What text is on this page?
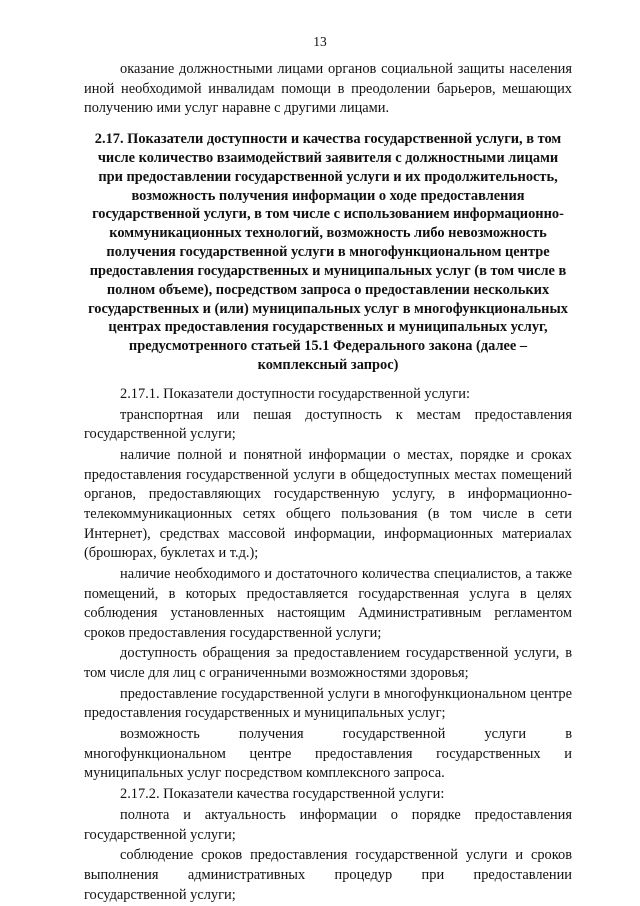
13

оказание должностными лицами органов социальной защиты населения иной необходимой инвалидам помощи в преодолении барьеров, мешающих получению ими услуг наравне с другими лицами.

2.17. Показатели доступности и качества государственной услуги, в том числе количество взаимодействий заявителя с должностными лицами при предоставлении государственной услуги и их продолжительность, возможность получения информации о ходе предоставления государственной услуги, в том числе с использованием информационно-коммуникационных технологий, возможность либо невозможность получения государственной услуги в многофункциональном центре предоставления государственных и муниципальных услуг (в том числе в полном объеме), посредством запроса о предоставлении нескольких государственных и (или) муниципальных услуг в многофункциональных центрах предоставления государственных и муниципальных услуг, предусмотренного статьей 15.1 Федерального закона (далее – комплексный запрос)

2.17.1. Показатели доступности государственной услуги:

транспортная или пешая доступность к местам предоставления государственной услуги;

наличие полной и понятной информации о местах, порядке и сроках предоставления государственной услуги в общедоступных местах помещений органов, предоставляющих государственную услугу, в информационно-телекоммуникационных сетях общего пользования (в том числе в сети Интернет), средствах массовой информации, информационных материалах (брошюрах, буклетах и т.д.);

наличие необходимого и достаточного количества специалистов, а также помещений, в которых предоставляется государственная услуга в целях соблюдения установленных настоящим Административным регламентом сроков предоставления государственной услуги;

доступность обращения за предоставлением государственной услуги, в том числе для лиц с ограниченными возможностями здоровья;

предоставление государственной услуги в многофункциональном центре предоставления государственных и муниципальных услуг;

возможность получения государственной услуги в многофункциональном центре предоставления государственных и муниципальных услуг посредством комплексного запроса.

2.17.2. Показатели качества государственной услуги:

полнота и актуальность информации о порядке предоставления государственной услуги;

соблюдение сроков предоставления государственной услуги и сроков выполнения административных процедур при предоставлении государственной услуги;
